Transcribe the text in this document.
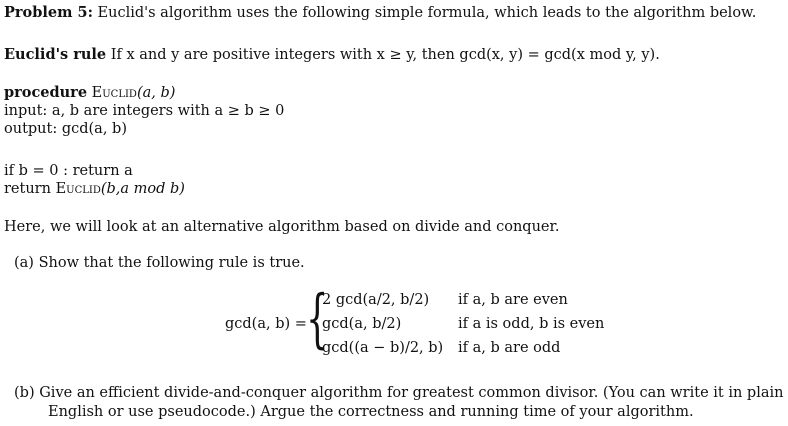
Problem 5: Euclid's algorithm uses the following simple formula, which leads to the algorithm below.
Euclid's rule If x and y are positive integers with x ≥ y, then gcd(x, y) = gcd(x mod y, y).
procedure Euclid(a, b)
input: a, b are integers with a ≥ b ≥ 0
output: gcd(a, b)
if b = 0 : return a
return Euclid(b,a mod b)
Here, we will look at an alternative algorithm based on divide and conquer.
(a) Show that the following rule is true.
gcd(a, b) = {
2 gcd(a/2, b/2) if a, b are even
gcd(a, b/2)	if a is odd, b is even
gcd((a − b)/2, b) if a, b are odd
(b) Give an efficient divide-and-conquer algorithm for greatest common divisor. (You can write it in plain
English or use pseudocode.) Argue the correctness and running time of your algorithm.
